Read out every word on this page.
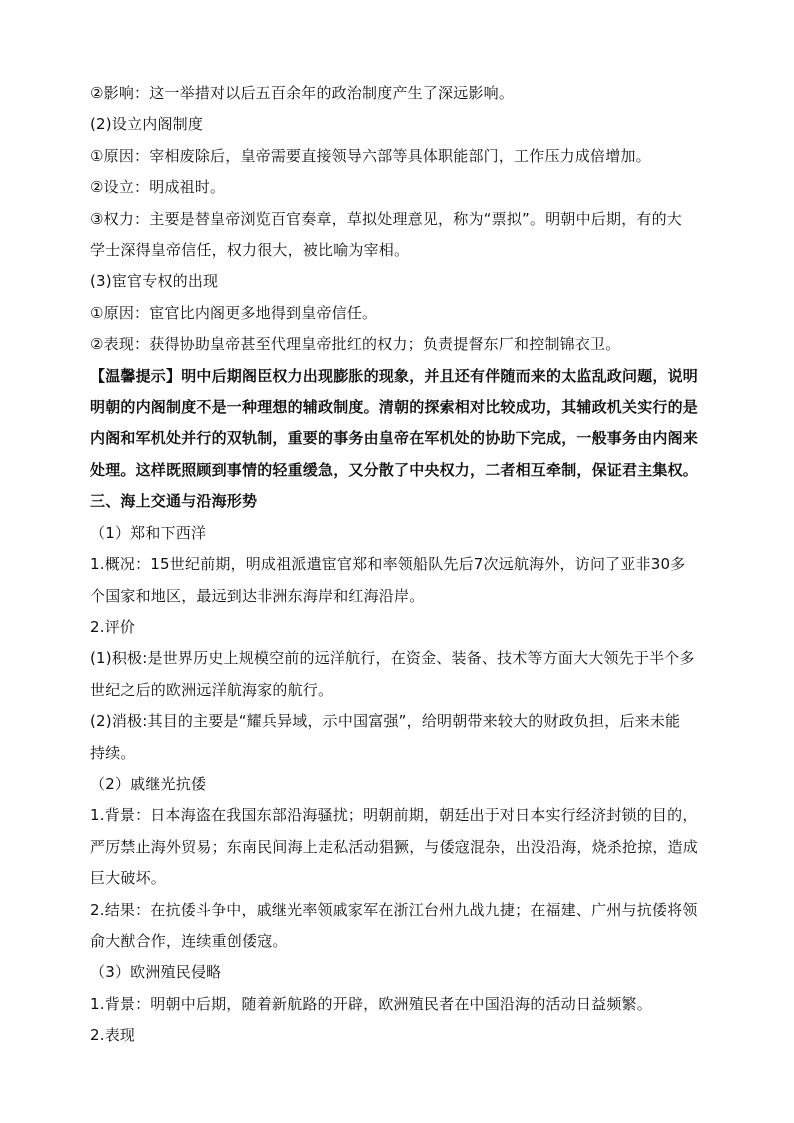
②影响：这一举措对以后五百余年的政治制度产生了深远影响。
(2)设立内阁制度
①原因：宰相废除后，皇帝需要直接领导六部等具体职能部门，工作压力成倍增加。
②设立：明成祖时。
③权力：主要是替皇帝浏览百官奏章，草拟处理意见，称为“票拟”。明朝中后期，有的大
学士深得皇帝信任，权力很大，被比喻为宰相。
(3)宦官专权的出现
①原因：宦官比内阁更多地得到皇帝信任。
②表现：获得协助皇帝甚至代理皇帝批红的权力；负责提督东厂和控制锦衣卫。
【温馨提示】明中后期阁臣权力出现膨胀的现象，并且还有伴随而来的太监乱政问题，说明
明朝的内阁制度不是一种理想的辅政制度。清朝的探索相对比较成功，其辅政机关实行的是
内阁和军机处并行的双轨制，重要的事务由皇帝在军机处的协助下完成，一般事务由内阁来
处理。这样既照顾到事情的轻重缓急，又分散了中央权力，二者相互牵制，保证君主集权。
三、海上交通与沿海形势
（1）郑和下西洋
1.概况：15世纪前期，明成祖派遣宦官郑和率领船队先后7次远航海外，访问了亚非30多
个国家和地区，最远到达非洲东海岸和红海沿岸。
2.评价
(1)积极:是世界历史上规模空前的远洋航行，在资金、装备、技术等方面大大领先于半个多
世纪之后的欧洲远洋航海家的航行。
(2)消极:其目的主要是“耀兵异域，示中国富强”，给明朝带来较大的财政负担，后来未能
持续。
（2）戚继光抗倭
1.背景：日本海盗在我国东部沿海骚扰；明朝前期，朝廷出于对日本实行经济封锁的目的，
严厉禁止海外贸易；东南民间海上走私活动猖獗，与倭寇混杂，出没沿海，烧杀抢掠，造成
巨大破坏。
2.结果：在抗倭斗争中，戚继光率领戚家军在浙江台州九战九捷；在福建、广州与抗倭将领
俞大猷合作，连续重创倭寇。
（3）欧洲殖民侵略
1.背景：明朝中后期，随着新航路的开辟，欧洲殖民者在中国沿海的活动日益频繁。
2.表现
